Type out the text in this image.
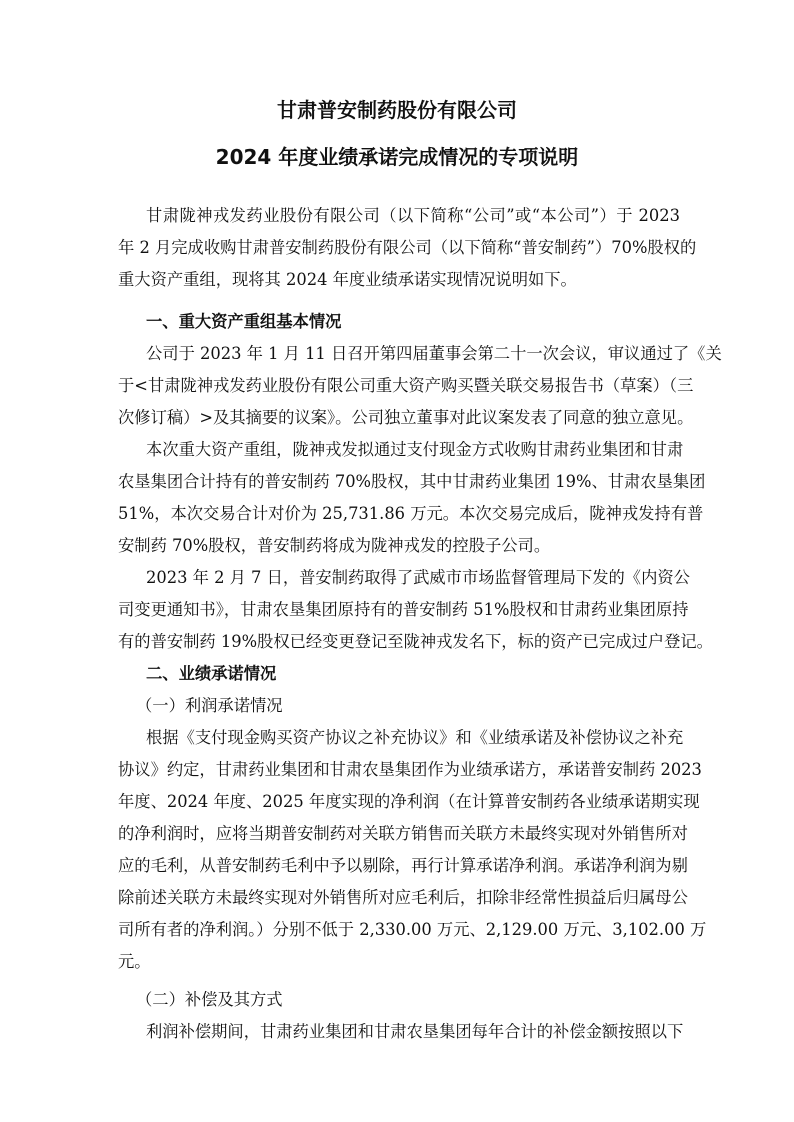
甘肃普安制药股份有限公司
2024 年度业绩承诺完成情况的专项说明
甘肃陇神戎发药业股份有限公司（以下简称“公司”或“本公司”）于 2023
年 2 月完成收购甘肃普安制药股份有限公司（以下简称“普安制药”）70%股权的
重大资产重组，现将其 2024 年度业绩承诺实现情况说明如下。
一、重大资产重组基本情况
公司于 2023 年 1 月 11 日召开第四届董事会第二十一次会议，审议通过了《关
于<甘肃陇神戎发药业股份有限公司重大资产购买暨关联交易报告书（草案）（三
次修订稿）>及其摘要的议案》。公司独立董事对此议案发表了同意的独立意见。
本次重大资产重组，陇神戎发拟通过支付现金方式收购甘肃药业集团和甘肃
农垦集团合计持有的普安制药 70%股权，其中甘肃药业集团 19%、甘肃农垦集团
51%，本次交易合计对价为 25,731.86 万元。本次交易完成后，陇神戎发持有普
安制药 70%股权，普安制药将成为陇神戎发的控股子公司。
2023 年 2 月 7 日，普安制药取得了武威市市场监督管理局下发的《内资公
司变更通知书》，甘肃农垦集团原持有的普安制药 51%股权和甘肃药业集团原持
有的普安制药 19%股权已经变更登记至陇神戎发名下，标的资产已完成过户登记。
二、业绩承诺情况
（一）利润承诺情况
根据《支付现金购买资产协议之补充协议》和《业绩承诺及补偿协议之补充
协议》约定，甘肃药业集团和甘肃农垦集团作为业绩承诺方，承诺普安制药 2023
年度、2024 年度、2025 年度实现的净利润（在计算普安制药各业绩承诺期实现
的净利润时，应将当期普安制药对关联方销售而关联方未最终实现对外销售所对
应的毛利，从普安制药毛利中予以剔除，再行计算承诺净利润。承诺净利润为剔
除前述关联方未最终实现对外销售所对应毛利后，扣除非经常性损益后归属母公
司所有者的净利润。）分别不低于 2,330.00 万元、2,129.00 万元、3,102.00 万
元。
（二）补偿及其方式
利润补偿期间，甘肃药业集团和甘肃农垦集团每年合计的补偿金额按照以下
